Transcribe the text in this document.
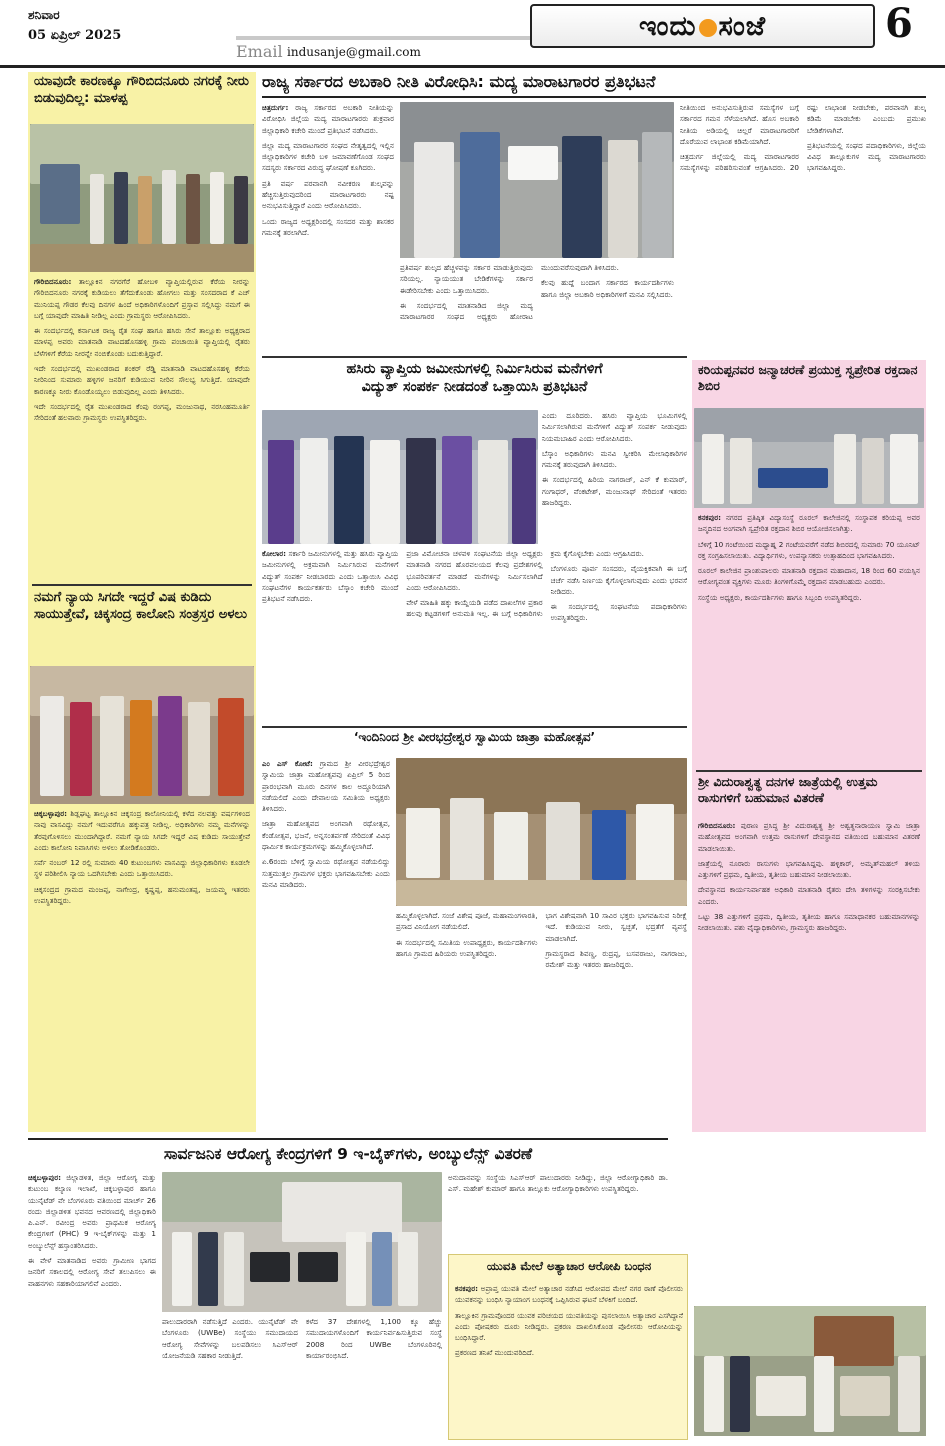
ಶನಿವಾರ
05 ಏಪ್ರಿಲ್ 2025
Email indusanje@gmail.com
ಇಂದು ಸಂಜೆ	6
ಯಾವುದೇ ಕಾರಣಕ್ಕೂ ಗೌರಿಬಿದನೂರು ನಗರಕ್ಕೆ ನೀರು ಬಿಡುವುದಿಲ್ಲ: ಮಾಳಪ್ಪ

ಗೌರಿಬಿದನೂರು: ತಾಲ್ಲೂಕಿನ ನಗರಗೆರೆ ಹೋಬಳಿ ವ್ಯಾಪ್ತಿಯಲ್ಲಿರುವ ಕೆರೆಯ ನೀರನ್ನು ಗೌರಿಬಿದನೂರು ನಗರಕ್ಕೆ ಕುಡಿಯಲು ತೆಗೆದುಕೊಂಡು ಹೋಗಲು ಮತ್ತು ಸಂಸದರಾದ ಕೆ ಎಚ್ ಮುನಿಯಪ್ಪ ಗೌಡರ ಕೆಲವು ದಿನಗಳ ಹಿಂದೆ ಅಧಿಕಾರಿಗಳೊಂದಿಗೆ ಪ್ರಸ್ತಾವ ಸಲ್ಲಿಸಿದ್ದು ನಮಗೆ ಈ ಬಗ್ಗೆ ಯಾವುದೇ ಮಾಹಿತಿ ನೀಡಿಲ್ಲ ಎಂದು ಗ್ರಾಮಸ್ಥರು ಆರೋಪಿಸಿದರು.

ಈ ಸಂದರ್ಭದಲ್ಲಿ ಕರ್ನಾಟಕ ರಾಜ್ಯ ರೈತ ಸಂಘ ಹಾಗೂ ಹಸಿರು ಸೇನೆ ತಾಲ್ಲೂಕು ಅಧ್ಯಕ್ಷರಾದ ಮಾಳಪ್ಪ ಅವರು ಮಾತನಾಡಿ ವಾಟದಹೊಸಹಳ್ಳಿ ಗ್ರಾಮ ಪಂಚಾಯಿತಿ ವ್ಯಾಪ್ತಿಯಲ್ಲಿ ರೈತರು ಬೆಳೆಗಳಿಗೆ ಕೆರೆಯ ನೀರನ್ನೇ ನಂಬಿಕೊಂಡು ಬದುಕುತ್ತಿದ್ದಾರೆ.

ಇದೇ ಸಂದರ್ಭದಲ್ಲಿ ಮುಖಂಡರಾದ ಶಂಕರ್ ರೆಡ್ಡಿ ಮಾತನಾಡಿ ವಾಟದಹೊಸಹಳ್ಳಿ ಕೆರೆಯ ನೀರಿನಿಂದ ಸುಮಾರು ಹಳ್ಳಿಗಳ ಜನರಿಗೆ ಕುಡಿಯುವ ನೀರಿನ ಸೌಲಭ್ಯ ಸಿಗುತ್ತಿದೆ. ಯಾವುದೇ ಕಾರಣಕ್ಕೂ ನೀರು ಕೊಂಡೊಯ್ಯಲು ಬಿಡುವುದಿಲ್ಲ ಎಂದು ತಿಳಿಸಿದರು.

ಇದೇ ಸಂದರ್ಭದಲ್ಲಿ ರೈತ ಮುಖಂಡರಾದ ಕೆಂಪು ರಂಗಪ್ಪ, ಮಂಜುನಾಥ, ನರಸಿಂಹಮೂರ್ತಿ ಸೇರಿದಂತೆ ಹಲವಾರು ಗ್ರಾಮಸ್ಥರು ಉಪಸ್ಥಿತರಿದ್ದರು.

ನಮಗೆ ನ್ಯಾಯ ಸಿಗದೇ ಇದ್ದರೆ ವಿಷ ಕುಡಿದು ಸಾಯುತ್ತೇವೆ, ಚಿಕ್ಕಸಂದ್ರ ಕಾಲೋನಿ ಸಂತ್ರಸ್ತರ ಅಳಲು

ಚಿಕ್ಕಬಳ್ಳಾಪುರ: ಶಿಡ್ಲಘಟ್ಟ ತಾಲ್ಲೂಕಿನ ಚಿಕ್ಕಸಂದ್ರ ಕಾಲೋನಿಯಲ್ಲಿ ಕಳೆದ ನಲವತ್ತು ವರ್ಷಗಳಿಂದ ನಾವು ವಾಸವಿದ್ದು ನಮಗೆ ಇದುವರೆಗೂ ಹಕ್ಕುಪತ್ರ ನೀಡಿಲ್ಲ. ಅಧಿಕಾರಿಗಳು ನಮ್ಮ ಮನೆಗಳನ್ನು ತೆರವುಗೊಳಿಸಲು ಮುಂದಾಗಿದ್ದಾರೆ. ನಮಗೆ ನ್ಯಾಯ ಸಿಗದೇ ಇದ್ದರೆ ವಿಷ ಕುಡಿದು ಸಾಯುತ್ತೇವೆ ಎಂದು ಕಾಲೋನಿ ನಿವಾಸಿಗಳು ಅಳಲು ತೋಡಿಕೊಂಡರು.

ಸರ್ವೆ ನಂಬರ್ 12 ರಲ್ಲಿ ಸುಮಾರು 40 ಕುಟುಂಬಗಳು ವಾಸವಿದ್ದು ಜಿಲ್ಲಾಧಿಕಾರಿಗಳು ಕೂಡಲೇ ಸ್ಥಳ ಪರಿಶೀಲಿಸಿ ನ್ಯಾಯ ಒದಗಿಸಬೇಕು ಎಂದು ಒತ್ತಾಯಿಸಿದರು.

ಚಿಕ್ಕಸಂದ್ರದ ಗ್ರಾಮದ ಮಂಜಪ್ಪ, ನಾಗೇಂದ್ರ, ಕೃಷ್ಣಪ್ಪ, ಹನುಮಂತಪ್ಪ, ಜಯಮ್ಮ ಇತರರು ಉಪಸ್ಥಿತರಿದ್ದರು.

ರಾಜ್ಯ ಸರ್ಕಾರದ ಅಬಕಾರಿ ನೀತಿ ವಿರೋಧಿಸಿ: ಮದ್ಯ ಮಾರಾಟಗಾರರ ಪ್ರತಿಭಟನೆ

ಚಿತ್ರದುರ್ಗ: ರಾಜ್ಯ ಸರ್ಕಾರದ ಅಬಕಾರಿ ನೀತಿಯನ್ನು ವಿರೋಧಿಸಿ ಜಿಲ್ಲೆಯ ಮದ್ಯ ಮಾರಾಟಗಾರರು ಶುಕ್ರವಾರ ಜಿಲ್ಲಾಧಿಕಾರಿ ಕಚೇರಿ ಮುಂದೆ ಪ್ರತಿಭಟನೆ ನಡೆಸಿದರು.

ಜಿಲ್ಲಾ ಮದ್ಯ ಮಾರಾಟಗಾರರ ಸಂಘದ ನೇತೃತ್ವದಲ್ಲಿ ಇಲ್ಲಿನ ಜಿಲ್ಲಾಧಿಕಾರಿಗಳ ಕಚೇರಿ ಬಳಿ ಜಮಾವಣೆಗೊಂಡ ಸಂಘದ ಸದಸ್ಯರು ಸರ್ಕಾರದ ವಿರುದ್ಧ ಘೋಷಣೆ ಕೂಗಿದರು.

ಪ್ರತಿ ವರ್ಷ ಪರವಾನಗಿ ನವೀಕರಣ ಶುಲ್ಕವನ್ನು ಹೆಚ್ಚಿಸುತ್ತಿರುವುದರಿಂದ ಮಾರಾಟಗಾರರು ನಷ್ಟ ಅನುಭವಿಸುತ್ತಿದ್ದಾರೆ ಎಂದು ಆರೋಪಿಸಿದರು.

ಒಂದು ರಾಜ್ಯದ ಅಧ್ಯಕ್ಷರಿಂದಲ್ಲಿ ಸಂಸದರ ಮತ್ತು ಶಾಸಕರ ಗಮನಕ್ಕೆ ತರಲಾಗಿದೆ.

ಪ್ರತಿವರ್ಷ ಶುಲ್ಕದ ಹೆಚ್ಚಳವನ್ನು ಸರ್ಕಾರ ಮಾಡುತ್ತಿರುವುದು ಸರಿಯಲ್ಲ. ನ್ಯಾಯಯುತ ಬೇಡಿಕೆಗಳನ್ನು ಸರ್ಕಾರ ಈಡೇರಿಸಬೇಕು ಎಂದು ಒತ್ತಾಯಿಸಿದರು.

ಈ ಸಂದರ್ಭದಲ್ಲಿ ಮಾತನಾಡಿದ ಜಿಲ್ಲಾ ಮದ್ಯ ಮಾರಾಟಗಾರರ ಸಂಘದ ಅಧ್ಯಕ್ಷರು ಹೋರಾಟ ಮುಂದುವರೆಸುವುದಾಗಿ ತಿಳಿಸಿದರು.

ಕೆಲವು ಹುದ್ದೆ ಬಂದಾಗ ಸರ್ಕಾರದ ಕಾರ್ಯದರ್ಶಿಗಳು ಹಾಗೂ ಜಿಲ್ಲಾ ಅಬಕಾರಿ ಅಧಿಕಾರಿಗಳಿಗೆ ಮನವಿ ಸಲ್ಲಿಸಿದರು.

ನೀತಿಯಿಂದ ಅನುಭವಿಸುತ್ತಿರುವ ಸಮಸ್ಯೆಗಳ ಬಗ್ಗೆ ಸರ್ಕಾರದ ಗಮನ ಸೆಳೆಯಲಾಗಿದೆ. ಹೊಸ ಅಬಕಾರಿ ನೀತಿಯ ಅಡಿಯಲ್ಲಿ ಚಿಲ್ಲರೆ ಮಾರಾಟಗಾರರಿಗೆ ದೊರೆಯುವ ಲಾಭಾಂಶ ಕಡಿಮೆಯಾಗಿದೆ.

ಚಿತ್ರದುರ್ಗ ಜಿಲ್ಲೆಯಲ್ಲಿ ಮದ್ಯ ಮಾರಾಟಗಾರರ ಸಮಸ್ಯೆಗಳನ್ನು ಪರಿಹರಿಸುವಂತೆ ಆಗ್ರಹಿಸಿದರು. 20 ರಷ್ಟು ಲಾಭಾಂಶ ನೀಡಬೇಕು, ಪರವಾನಗಿ ಶುಲ್ಕ ಕಡಿಮೆ ಮಾಡಬೇಕು ಎಂಬುದು ಪ್ರಮುಖ ಬೇಡಿಕೆಗಳಾಗಿವೆ.

ಪ್ರತಿಭಟನೆಯಲ್ಲಿ ಸಂಘದ ಪದಾಧಿಕಾರಿಗಳು, ಜಿಲ್ಲೆಯ ವಿವಿಧ ತಾಲ್ಲೂಕುಗಳ ಮದ್ಯ ಮಾರಾಟಗಾರರು ಭಾಗವಹಿಸಿದ್ದರು.

ಹಸಿರು ವ್ಯಾಪ್ತಿಯ ಜಮೀನುಗಳಲ್ಲಿ ನಿರ್ಮಿಸಿರುವ ಮನೆಗಳಿಗೆ
ವಿದ್ಯುತ್ ಸಂಪರ್ಕ ನೀಡದಂತೆ ಒತ್ತಾಯಿಸಿ ಪ್ರತಿಭಟನೆ

ಎಂದು ದೂರಿದರು. ಹಸಿರು ವ್ಯಾಪ್ತಿಯ ಭೂಮಿಗಳಲ್ಲಿ ನಿರ್ಮಿಸಲಾಗಿರುವ ಮನೆಗಳಿಗೆ ವಿದ್ಯುತ್ ಸಂಪರ್ಕ ನೀಡುವುದು ನಿಯಮಬಾಹಿರ ಎಂದು ಆರೋಪಿಸಿದರು.

ಬೆಸ್ಕಾಂ ಅಧಿಕಾರಿಗಳು ಮನವಿ ಸ್ವೀಕರಿಸಿ ಮೇಲಾಧಿಕಾರಿಗಳ ಗಮನಕ್ಕೆ ತರುವುದಾಗಿ ತಿಳಿಸಿದರು.

ಈ ಸಂದರ್ಭದಲ್ಲಿ ಹಿರಿಯ ನಾಗರಾಜ್, ಎನ್ ಕೆ ಕುಮಾರ್, ಗಂಗಾಧರ್, ವೆಂಕಟೇಶ್, ಮಂಜುನಾಥ್ ಸೇರಿದಂತೆ ಇತರರು ಹಾಜರಿದ್ದರು.

ಕೋಲಾರ: ಸರ್ಕಾರಿ ಜಮೀನುಗಳಲ್ಲಿ ಮತ್ತು ಹಸಿರು ವ್ಯಾಪ್ತಿಯ ಜಮೀನುಗಳಲ್ಲಿ ಅಕ್ರಮವಾಗಿ ನಿರ್ಮಿಸಿರುವ ಮನೆಗಳಿಗೆ ವಿದ್ಯುತ್ ಸಂಪರ್ಕ ನೀಡಬಾರದು ಎಂದು ಒತ್ತಾಯಿಸಿ ವಿವಿಧ ಸಂಘಟನೆಗಳ ಕಾರ್ಯಕರ್ತರು ಬೆಸ್ಕಾಂ ಕಚೇರಿ ಮುಂದೆ ಪ್ರತಿಭಟನೆ ನಡೆಸಿದರು.

ಪ್ರಜಾ ವಿಮೋಚನಾ ಚಳವಳಿ ಸಂಘಟನೆಯ ಜಿಲ್ಲಾ ಅಧ್ಯಕ್ಷರು ಮಾತನಾಡಿ ನಗರದ ಹೊರವಲಯದ ಕೆಲವು ಪ್ರದೇಶಗಳಲ್ಲಿ ಭೂಪರಿವರ್ತನೆ ಮಾಡದೆ ಮನೆಗಳನ್ನು ನಿರ್ಮಿಸಲಾಗಿದೆ ಎಂದು ಆರೋಪಿಸಿದರು.

ವೇಳೆ ಮಾಹಿತಿ ಹಕ್ಕು ಕಾಯ್ದೆಯಡಿ ಪಡೆದ ದಾಖಲೆಗಳ ಪ್ರಕಾರ ಹಲವು ಕಟ್ಟಡಗಳಿಗೆ ಅನುಮತಿ ಇಲ್ಲ. ಈ ಬಗ್ಗೆ ಅಧಿಕಾರಿಗಳು ಕ್ರಮ ಕೈಗೊಳ್ಳಬೇಕು ಎಂದು ಆಗ್ರಹಿಸಿದರು.

ಬೆಂಗಳೂರು ಪೂರ್ವ ಸಂಸದರು, ವೈಯಕ್ತಿಕವಾಗಿ ಈ ಬಗ್ಗೆ ಚರ್ಚೆ ನಡೆಸಿ ನಿರ್ಣಯ ಕೈಗೊಳ್ಳಲಾಗುವುದು ಎಂದು ಭರವಸೆ ನೀಡಿದರು.

ಈ ಸಂದರ್ಭದಲ್ಲಿ ಸಂಘಟನೆಯ ಪದಾಧಿಕಾರಿಗಳು ಉಪಸ್ಥಿತರಿದ್ದರು.

‘ಇಂದಿನಿಂದ ಶ್ರೀ ವೀರಭದ್ರೇಶ್ವರ ಸ್ವಾಮಿಯ ಜಾತ್ರಾ ಮಹೋತ್ಸವ’

ಎಂ ಎಸ್ ಕೋಟೆ: ಗ್ರಾಮದ ಶ್ರೀ ವೀರಭದ್ರೇಶ್ವರ ಸ್ವಾಮಿಯ ಜಾತ್ರಾ ಮಹೋತ್ಸವವು ಏಪ್ರಿಲ್ 5 ರಿಂದ ಪ್ರಾರಂಭವಾಗಿ ಮೂರು ದಿನಗಳ ಕಾಲ ಅದ್ಧೂರಿಯಾಗಿ ನಡೆಯಲಿದೆ ಎಂದು ದೇವಾಲಯ ಸಮಿತಿಯ ಅಧ್ಯಕ್ಷರು ತಿಳಿಸಿದರು.

ಜಾತ್ರಾ ಮಹೋತ್ಸವದ ಅಂಗವಾಗಿ ರಥೋತ್ಸವ, ಕೆಂಡೋತ್ಸವ, ಭಜನೆ, ಅನ್ನಸಂತರ್ಪಣೆ ಸೇರಿದಂತೆ ವಿವಿಧ ಧಾರ್ಮಿಕ ಕಾರ್ಯಕ್ರಮಗಳನ್ನು ಹಮ್ಮಿಕೊಳ್ಳಲಾಗಿದೆ.

ಏ.6ರಂದು ಬೆಳಿಗ್ಗೆ ಸ್ವಾಮಿಯ ರಥೋತ್ಸವ ನಡೆಯಲಿದ್ದು ಸುತ್ತಮುತ್ತಲ ಗ್ರಾಮಗಳ ಭಕ್ತರು ಭಾಗವಹಿಸಬೇಕು ಎಂದು ಮನವಿ ಮಾಡಿದರು.

ಹಮ್ಮಿಕೊಳ್ಳಲಾಗಿದೆ. ಸಂಜೆ ವಿಶೇಷ ಪೂಜೆ, ಮಹಾಮಂಗಳಾರತಿ, ಪ್ರಸಾದ ವಿನಿಯೋಗ ನಡೆಯಲಿದೆ.

ಈ ಸಂದರ್ಭದಲ್ಲಿ ಸಮಿತಿಯ ಉಪಾಧ್ಯಕ್ಷರು, ಕಾರ್ಯದರ್ಶಿಗಳು ಹಾಗೂ ಗ್ರಾಮದ ಹಿರಿಯರು ಉಪಸ್ಥಿತರಿದ್ದರು.

ಭಾಗ ವಿಶೇಷವಾಗಿ 10 ಸಾವಿರ ಭಕ್ತರು ಭಾಗವಹಿಸುವ ನಿರೀಕ್ಷೆ ಇದೆ. ಕುಡಿಯುವ ನೀರು, ಸ್ವಚ್ಛತೆ, ಭದ್ರತೆಗೆ ವ್ಯವಸ್ಥೆ ಮಾಡಲಾಗಿದೆ.

ಗ್ರಾಮಸ್ಥರಾದ ಶಿವಣ್ಣ, ರುದ್ರಪ್ಪ, ಬಸವರಾಜು, ನಾಗರಾಜು, ರಮೇಶ್ ಮತ್ತು ಇತರರು ಹಾಜರಿದ್ದರು.

ಕರಿಯಪ್ಪನವರ ಜನ್ಮಾಚರಣೆ ಪ್ರಯುಕ್ತ ಸ್ವಪ್ರೇರಿತ ರಕ್ತದಾನ ಶಿಬಿರ

ಕನಕಪುರ: ನಗರದ ಪ್ರತಿಷ್ಠಿತ ವಿದ್ಯಾಸಂಸ್ಥೆ ರೂರಲ್ ಕಾಲೇಜಿನಲ್ಲಿ ಸಂಸ್ಥಾಪಕ ಕರಿಯಪ್ಪ ಅವರ ಜನ್ಮದಿನದ ಅಂಗವಾಗಿ ಸ್ವಪ್ರೇರಿತ ರಕ್ತದಾನ ಶಿಬಿರ ಆಯೋಜಿಸಲಾಗಿತ್ತು.

ಬೆಳಿಗ್ಗೆ 10 ಗಂಟೆಯಿಂದ ಮಧ್ಯಾಹ್ನ 2 ಗಂಟೆಯವರೆಗೆ ನಡೆದ ಶಿಬಿರದಲ್ಲಿ ಸುಮಾರು 70 ಯೂನಿಟ್ ರಕ್ತ ಸಂಗ್ರಹಿಸಲಾಯಿತು. ವಿದ್ಯಾರ್ಥಿಗಳು, ಉಪನ್ಯಾಸಕರು ಉತ್ಸಾಹದಿಂದ ಭಾಗವಹಿಸಿದರು.

ರೂರಲ್ ಕಾಲೇಜಿನ ಪ್ರಾಂಶುಪಾಲರು ಮಾತನಾಡಿ ರಕ್ತದಾನ ಮಹಾದಾನ, 18 ರಿಂದ 60 ವಯಸ್ಸಿನ ಆರೋಗ್ಯವಂತ ವ್ಯಕ್ತಿಗಳು ಮೂರು ತಿಂಗಳಿಗೊಮ್ಮೆ ರಕ್ತದಾನ ಮಾಡಬಹುದು ಎಂದರು.

ಸಂಸ್ಥೆಯ ಅಧ್ಯಕ್ಷರು, ಕಾರ್ಯದರ್ಶಿಗಳು ಹಾಗೂ ಸಿಬ್ಬಂದಿ ಉಪಸ್ಥಿತರಿದ್ದರು.

ಶ್ರೀ ವಿದುರಾಶ್ವತ್ಥ ದನಗಳ ಜಾತ್ರೆಯಲ್ಲಿ ಉತ್ತಮ ರಾಸುಗಳಿಗೆ ಬಹುಮಾನ ವಿತರಣೆ

ಗೌರಿಬಿದನೂರು: ಪುರಾಣ ಪ್ರಸಿದ್ಧ ಶ್ರೀ ವಿದುರಾಶ್ವತ್ಥ ಶ್ರೀ ಅಶ್ವತ್ಥನಾರಾಯಣ ಸ್ವಾಮಿ ಜಾತ್ರಾ ಮಹೋತ್ಸವದ ಅಂಗವಾಗಿ ಉತ್ತಮ ರಾಸುಗಳಿಗೆ ದೇವಸ್ಥಾನದ ವತಿಯಿಂದ ಬಹುಮಾನ ವಿತರಣೆ ಮಾಡಲಾಯಿತು.

ಜಾತ್ರೆಯಲ್ಲಿ ನೂರಾರು ರಾಸುಗಳು ಭಾಗವಹಿಸಿದ್ದವು. ಹಳ್ಳಿಕಾರ್, ಅಮೃತ್‌ಮಹಲ್ ತಳಿಯ ಎತ್ತುಗಳಿಗೆ ಪ್ರಥಮ, ದ್ವಿತೀಯ, ತೃತೀಯ ಬಹುಮಾನ ನೀಡಲಾಯಿತು.

ದೇವಸ್ಥಾನದ ಕಾರ್ಯನಿರ್ವಾಹಕ ಅಧಿಕಾರಿ ಮಾತನಾಡಿ ರೈತರು ದೇಸಿ ತಳಿಗಳನ್ನು ಸಂರಕ್ಷಿಸಬೇಕು ಎಂದರು.

ಒಟ್ಟು 38 ಎತ್ತುಗಳಿಗೆ ಪ್ರಥಮ, ದ್ವಿತೀಯ, ತೃತೀಯ ಹಾಗೂ ಸಮಾಧಾನಕರ ಬಹುಮಾನಗಳನ್ನು ನೀಡಲಾಯಿತು. ಪಶು ವೈದ್ಯಾಧಿಕಾರಿಗಳು, ಗ್ರಾಮಸ್ಥರು ಹಾಜರಿದ್ದರು.

ಸಾರ್ವಜನಿಕ ಆರೋಗ್ಯ ಕೇಂದ್ರಗಳಿಗೆ 9 ಇ-ಬೈಕ್‌ಗಳು, ಅಂಬ್ಯುಲೆನ್ಸ್ ವಿತರಣೆ

ಚಿಕ್ಕಬಳ್ಳಾಪುರ: ಜಿಲ್ಲಾಡಳಿತ, ಜಿಲ್ಲಾ ಆರೋಗ್ಯ ಮತ್ತು ಕುಟುಂಬ ಕಲ್ಯಾಣ ಇಲಾಖೆ, ಚಿಕ್ಕಬಳ್ಳಾಪುರ ಹಾಗೂ ಯುನೈಟೆಡ್ ವೇ ಬೆಂಗಳೂರು ವತಿಯಿಂದ ಮಾರ್ಚ್ 26 ರಂದು ಜಿಲ್ಲಾಡಳಿತ ಭವನದ ಆವರಣದಲ್ಲಿ ಜಿಲ್ಲಾಧಿಕಾರಿ ಪಿ.ಎನ್. ರವೀಂದ್ರ ಅವರು ಪ್ರಾಥಮಿಕ ಆರೋಗ್ಯ ಕೇಂದ್ರಗಳಿಗೆ (PHC) 9 ಇ-ಬೈಕ್‌ಗಳನ್ನು ಮತ್ತು 1 ಅಂಬ್ಯುಲೆನ್ಸ್ ಹಸ್ತಾಂತರಿಸಿದರು.

ಈ ವೇಳೆ ಮಾತನಾಡಿದ ಅವರು ಗ್ರಾಮೀಣ ಭಾಗದ ಜನರಿಗೆ ಸಕಾಲದಲ್ಲಿ ಆರೋಗ್ಯ ಸೇವೆ ತಲುಪಿಸಲು ಈ ವಾಹನಗಳು ಸಹಕಾರಿಯಾಗಲಿವೆ ಎಂದರು.

ಪಾಲುದಾರರಾಗಿ ನಡೆಸುತ್ತಿದೆ ಎಂದರು. ಯುನೈಟೆಡ್ ವೇ ಬೆಂಗಳೂರು (UWBe) ಸಂಸ್ಥೆಯು ಸಮುದಾಯದ ಆರೋಗ್ಯ ಸೇವೆಗಳನ್ನು ಬಲಪಡಿಸಲು ಸಿಎಸ್‌ಆರ್ ಯೋಜನೆಯಡಿ ಸಹಕಾರ ನೀಡುತ್ತಿದೆ.

ಕಳೆದ 37 ದೇಶಗಳಲ್ಲಿ 1,100 ಕ್ಕೂ ಹೆಚ್ಚು ಸಮುದಾಯಗಳೊಂದಿಗೆ ಕಾರ್ಯನಿರ್ವಹಿಸುತ್ತಿರುವ ಸಂಸ್ಥೆ 2008 ರಿಂದ UWBe ಬೆಂಗಳೂರಿನಲ್ಲಿ ಕಾರ್ಯಾರಂಭಿಸಿದೆ.

ಅನುದಾನವನ್ನು ಸಂಸ್ಥೆಯ ಸಿಎಸ್‌ಆರ್ ಪಾಲುದಾರರು ನೀಡಿದ್ದು, ಜಿಲ್ಲಾ ಆರೋಗ್ಯಾಧಿಕಾರಿ ಡಾ. ಎಸ್. ಮಹೇಶ್ ಕುಮಾರ್ ಹಾಗೂ ತಾಲ್ಲೂಕು ಆರೋಗ್ಯಾಧಿಕಾರಿಗಳು ಉಪಸ್ಥಿತರಿದ್ದರು.

ಯುವತಿ ಮೇಲೆ ಅತ್ಯಾಚಾರ ಆರೋಪಿ ಬಂಧನ

ಕನಕಪುರ: ಅಪ್ರಾಪ್ತ ಯುವತಿ ಮೇಲೆ ಅತ್ಯಾಚಾರ ನಡೆಸಿದ ಆರೋಪದ ಮೇಲೆ ನಗರ ಠಾಣೆ ಪೊಲೀಸರು ಯುವಕನನ್ನು ಬಂಧಿಸಿ ನ್ಯಾಯಾಂಗ ಬಂಧನಕ್ಕೆ ಒಪ್ಪಿಸಿರುವ ಘಟನೆ ಬೆಳಕಿಗೆ ಬಂದಿದೆ.

ತಾಲ್ಲೂಕಿನ ಗ್ರಾಮವೊಂದರ ಯುವಕ ಪರಿಚಯದ ಯುವತಿಯನ್ನು ಪುಸಲಾಯಿಸಿ ಅತ್ಯಾಚಾರ ಎಸಗಿದ್ದಾನೆ ಎಂದು ಪೋಷಕರು ದೂರು ನೀಡಿದ್ದರು. ಪ್ರಕರಣ ದಾಖಲಿಸಿಕೊಂಡ ಪೊಲೀಸರು ಆರೋಪಿಯನ್ನು ಬಂಧಿಸಿದ್ದಾರೆ.

ಪ್ರಕರಣದ ತನಿಖೆ ಮುಂದುವರಿದಿದೆ.
